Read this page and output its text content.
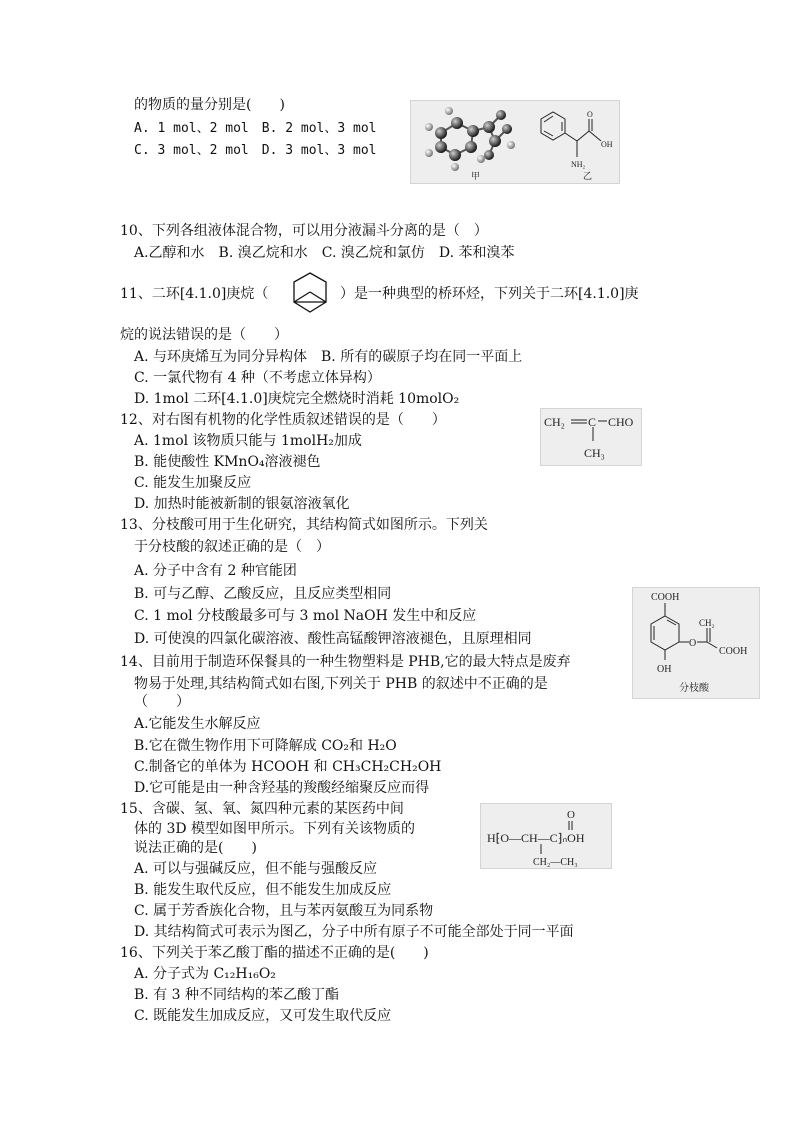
的物质的量分别是(　　)
A. 1 mol、2 mol　B. 2 mol、3 mol
C. 3 mol、2 mol　D. 3 mol、3 mol
甲
O
OH
NH₂
乙
10、下列各组液体混合物，可以用分液漏斗分离的是（　）
A.乙醇和水　B. 溴乙烷和水　C. 溴乙烷和氯仿　D. 苯和溴苯
11、二环[4.1.0]庚烷（	）是一种典型的桥环烃，下列关于二环[4.1.0]庚
烷的说法错误的是（　　）
A. 与环庚烯互为同分异构体　B. 所有的碳原子均在同一平面上
C. 一氯代物有 4 种（不考虑立体异构）
D. 1mol 二环[4.1.0]庚烷完全燃烧时消耗 10molO₂
12、对右图有机物的化学性质叙述错误的是（　　）
A. 1mol 该物质只能与 1molH₂加成
B. 能使酸性 KMnO₄溶液褪色
C. 能发生加聚反应
D. 加热时能被新制的银氨溶液氧化
CH₂ C CHO
CH₃
13、分枝酸可用于生化研究，其结构简式如图所示。下列关
于分枝酸的叙述正确的是（　）
A. 分子中含有 2 种官能团
B. 可与乙醇、乙酸反应，且反应类型相同
C. 1 mol 分枝酸最多可与 3 mol NaOH 发生中和反应
D. 可使溴的四氯化碳溶液、酸性高锰酸钾溶液褪色，且原理相同
COOH
O
CH₂
COOH
OH
分枝酸
14、目前用于制造环保餐具的一种生物塑料是 PHB,它的最大特点是废弃
物易于处理,其结构简式如右图,下列关于 PHB 的叙述中不正确的是
（　　）
A.它能发生水解反应
B.它在微生物作用下可降解成 CO₂和 H₂O
C.制备它的单体为 HCOOH 和 CH₃CH₂CH₂OH
D.它可能是由一种含羟基的羧酸经缩聚反应而得
15、含碳、氢、氧、氮四种元素的某医药中间
体的 3D 模型如图甲所示。下列有关该物质的
说法正确的是(　　)
O
H⁅O—CH—C⁆ₙOH
CH₂—CH₃
A. 可以与强碱反应，但不能与强酸反应
B. 能发生取代反应，但不能发生加成反应
C. 属于芳香族化合物，且与苯丙氨酸互为同系物
D. 其结构简式可表示为图乙，分子中所有原子不可能全部处于同一平面
16、下列关于苯乙酸丁酯的描述不正确的是(　　)
A. 分子式为 C₁₂H₁₆O₂
B. 有 3 种不同结构的苯乙酸丁酯
C. 既能发生加成反应，又可发生取代反应
